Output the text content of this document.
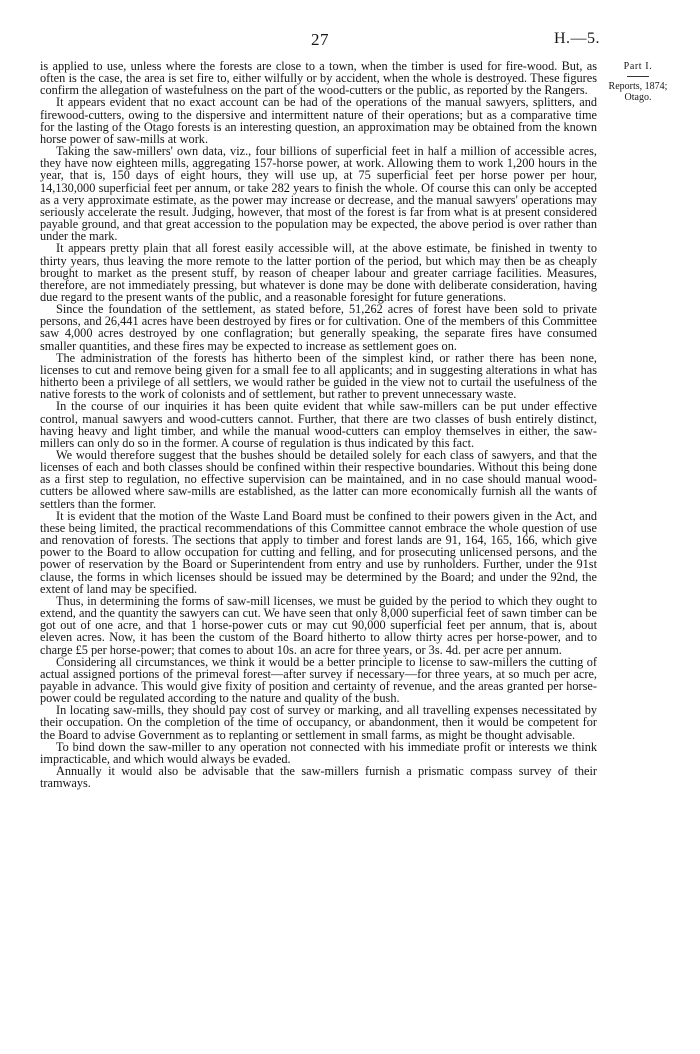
27	H.—5.
Part I.
Reports, 1874;
Otago.

is applied to use, unless where the forests are close to a town, when the timber is used for fire-wood. But, as often is the case, the area is set fire to, either wilfully or by accident, when the whole is destroyed. These figures confirm the allegation of wastefulness on the part of the wood-cutters or the public, as reported by the Rangers.

It appears evident that no exact account can be had of the operations of the manual sawyers, splitters, and firewood-cutters, owing to the dispersive and intermittent nature of their operations; but as a comparative time for the lasting of the Otago forests is an interesting question, an approximation may be obtained from the known horse power of saw-mills at work.

Taking the saw-millers' own data, viz., four billions of superficial feet in half a million of accessible acres, they have now eighteen mills, aggregating 157-horse power, at work. Allowing them to work 1,200 hours in the year, that is, 150 days of eight hours, they will use up, at 75 superficial feet per horse power per hour, 14,130,000 superficial feet per annum, or take 282 years to finish the whole. Of course this can only be accepted as a very approximate estimate, as the power may increase or decrease, and the manual sawyers' operations may seriously accelerate the result. Judging, however, that most of the forest is far from what is at present considered payable ground, and that great accession to the population may be expected, the above period is over rather than under the mark.

It appears pretty plain that all forest easily accessible will, at the above estimate, be finished in twenty to thirty years, thus leaving the more remote to the latter portion of the period, but which may then be as cheaply brought to market as the present stuff, by reason of cheaper labour and greater carriage facilities. Measures, therefore, are not immediately pressing, but whatever is done may be done with deliberate consideration, having due regard to the present wants of the public, and a reasonable foresight for future generations.

Since the foundation of the settlement, as stated before, 51,262 acres of forest have been sold to private persons, and 26,441 acres have been destroyed by fires or for cultivation. One of the members of this Committee saw 4,000 acres destroyed by one conflagration; but generally speaking, the separate fires have consumed smaller quantities, and these fires may be expected to increase as settlement goes on.

The administration of the forests has hitherto been of the simplest kind, or rather there has been none, licenses to cut and remove being given for a small fee to all applicants; and in suggesting alterations in what has hitherto been a privilege of all settlers, we would rather be guided in the view not to curtail the usefulness of the native forests to the work of colonists and of settlement, but rather to prevent unnecessary waste.

In the course of our inquiries it has been quite evident that while saw-millers can be put under effective control, manual sawyers and wood-cutters cannot. Further, that there are two classes of bush entirely distinct, having heavy and light timber, and while the manual wood-cutters can employ themselves in either, the saw-millers can only do so in the former. A course of regulation is thus indicated by this fact.

We would therefore suggest that the bushes should be detailed solely for each class of sawyers, and that the licenses of each and both classes should be confined within their respective boundaries. Without this being done as a first step to regulation, no effective supervision can be maintained, and in no case should manual wood-cutters be allowed where saw-mills are established, as the latter can more economically furnish all the wants of settlers than the former.

It is evident that the motion of the Waste Land Board must be confined to their powers given in the Act, and these being limited, the practical recommendations of this Committee cannot embrace the whole question of use and renovation of forests. The sections that apply to timber and forest lands are 91, 164, 165, 166, which give power to the Board to allow occupation for cutting and felling, and for prosecuting unlicensed persons, and the power of reservation by the Board or Superintendent from entry and use by runholders. Further, under the 91st clause, the forms in which licenses should be issued may be determined by the Board; and under the 92nd, the extent of land may be specified.

Thus, in determining the forms of saw-mill licenses, we must be guided by the period to which they ought to extend, and the quantity the sawyers can cut. We have seen that only 8,000 superficial feet of sawn timber can be got out of one acre, and that 1 horse-power cuts or may cut 90,000 superficial feet per annum, that is, about eleven acres. Now, it has been the custom of the Board hitherto to allow thirty acres per horse-power, and to charge £5 per horse-power; that comes to about 10s. an acre for three years, or 3s. 4d. per acre per annum.

Considering all circumstances, we think it would be a better principle to license to saw-millers the cutting of actual assigned portions of the primeval forest—after survey if necessary—for three years, at so much per acre, payable in advance. This would give fixity of position and certainty of revenue, and the areas granted per horse-power could be regulated according to the nature and quality of the bush.

In locating saw-mills, they should pay cost of survey or marking, and all travelling expenses necessitated by their occupation. On the completion of the time of occupancy, or abandonment, then it would be competent for the Board to advise Government as to replanting or settlement in small farms, as might be thought advisable.

To bind down the saw-miller to any operation not connected with his immediate profit or interests we think impracticable, and which would always be evaded.

Annually it would also be advisable that the saw-millers furnish a prismatic compass survey of their tramways.
